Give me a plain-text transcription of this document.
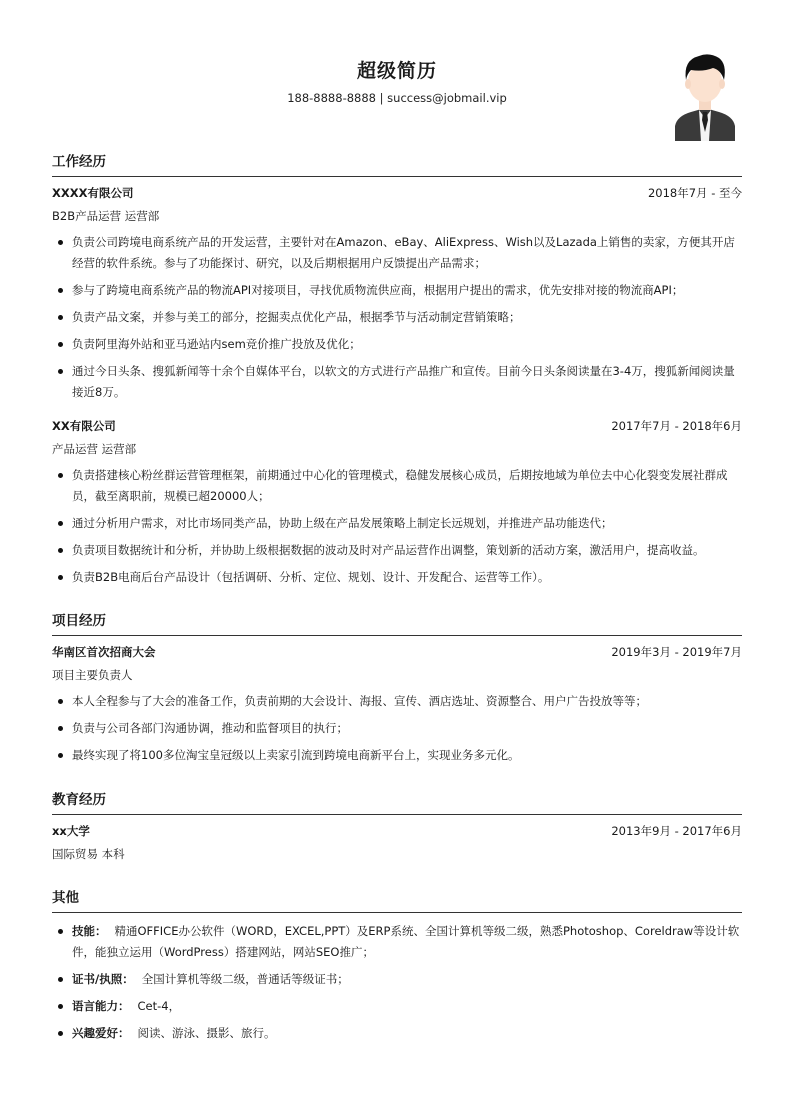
超级简历
188-8888-8888 | success@jobmail.vip
工作经历
XXXX有限公司	2018年7月 - 至今
B2B产品运营 运营部
负责公司跨境电商系统产品的开发运营，主要针对在Amazon、eBay、AliExpress、Wish以及Lazada上销售的卖家，方便其开店经营的软件系统。参与了功能探讨、研究，以及后期根据用户反馈提出产品需求；
参与了跨境电商系统产品的物流API对接项目，寻找优质物流供应商，根据用户提出的需求，优先安排对接的物流商API；
负责产品文案，并参与美工的部分，挖掘卖点优化产品，根据季节与活动制定营销策略；
负责阿里海外站和亚马逊站内sem竞价推广投放及优化；
通过今日头条、搜狐新闻等十余个自媒体平台，以软文的方式进行产品推广和宣传。目前今日头条阅读量在3-4万，搜狐新闻阅读量接近8万。
XX有限公司	2017年7月 - 2018年6月
产品运营 运营部
负责搭建核心粉丝群运营管理框架，前期通过中心化的管理模式，稳健发展核心成员，后期按地域为单位去中心化裂变发展社群成员，截至离职前，规模已超20000人；
通过分析用户需求，对比市场同类产品，协助上级在产品发展策略上制定长远规划，并推进产品功能迭代；
负责项目数据统计和分析，并协助上级根据数据的波动及时对产品运营作出调整，策划新的活动方案，激活用户，提高收益。
负责B2B电商后台产品设计（包括调研、分析、定位、规划、设计、开发配合、运营等工作）。
项目经历
华南区首次招商大会	2019年3月 - 2019年7月
项目主要负责人
本人全程参与了大会的准备工作，负责前期的大会设计、海报、宣传、酒店选址、资源整合、用户广告投放等等；
负责与公司各部门沟通协调，推动和监督项目的执行；
最终实现了将100多位淘宝皇冠级以上卖家引流到跨境电商新平台上，实现业务多元化。
教育经历
xx大学	2013年9月 - 2017年6月
国际贸易 本科
其他
技能： 精通OFFICE办公软件（WORD，EXCEL,PPT）及ERP系统、全国计算机等级二级，熟悉Photoshop、Coreldraw等设计软件，能独立运用（WordPress）搭建网站，网站SEO推广；
证书/执照： 全国计算机等级二级，普通话等级证书；
语言能力： Cet-4，
兴趣爱好： 阅读、游泳、摄影、旅行。
